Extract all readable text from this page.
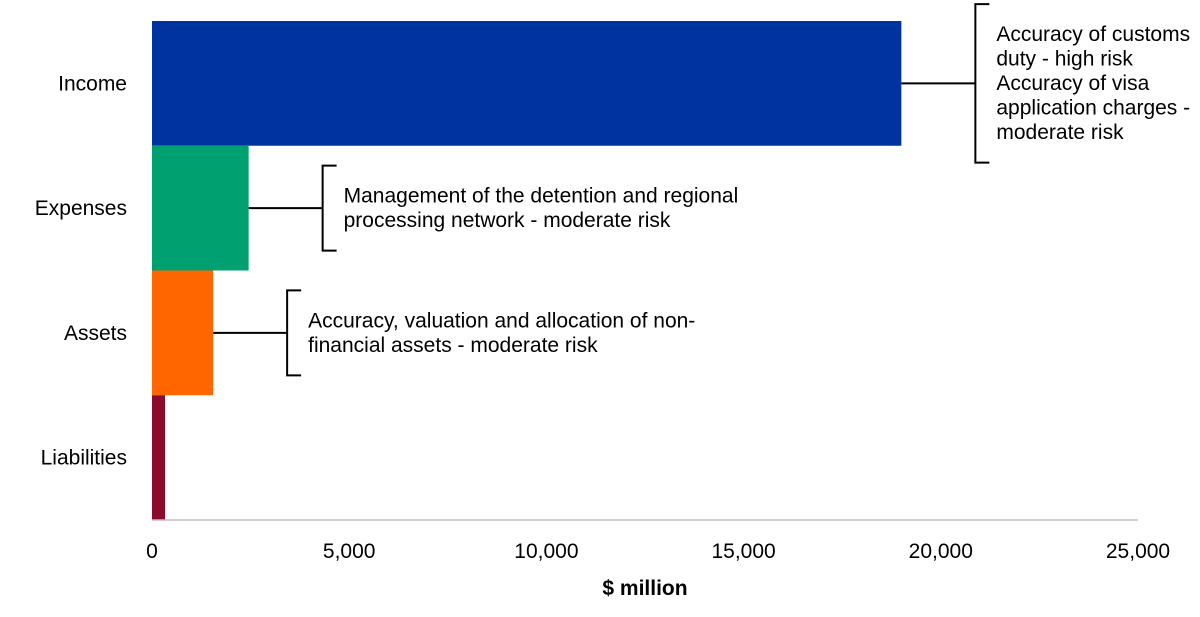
Income
Expenses
Assets
Liabilities
0	5,000	10,000	15,000	20,000	25,000
$ million
Accuracy of customs
duty - high risk
Accuracy of visa
application charges -
moderate risk
Management of the detention and regional
processing network - moderate risk
Accuracy, valuation and allocation of non-
financial assets - moderate risk
